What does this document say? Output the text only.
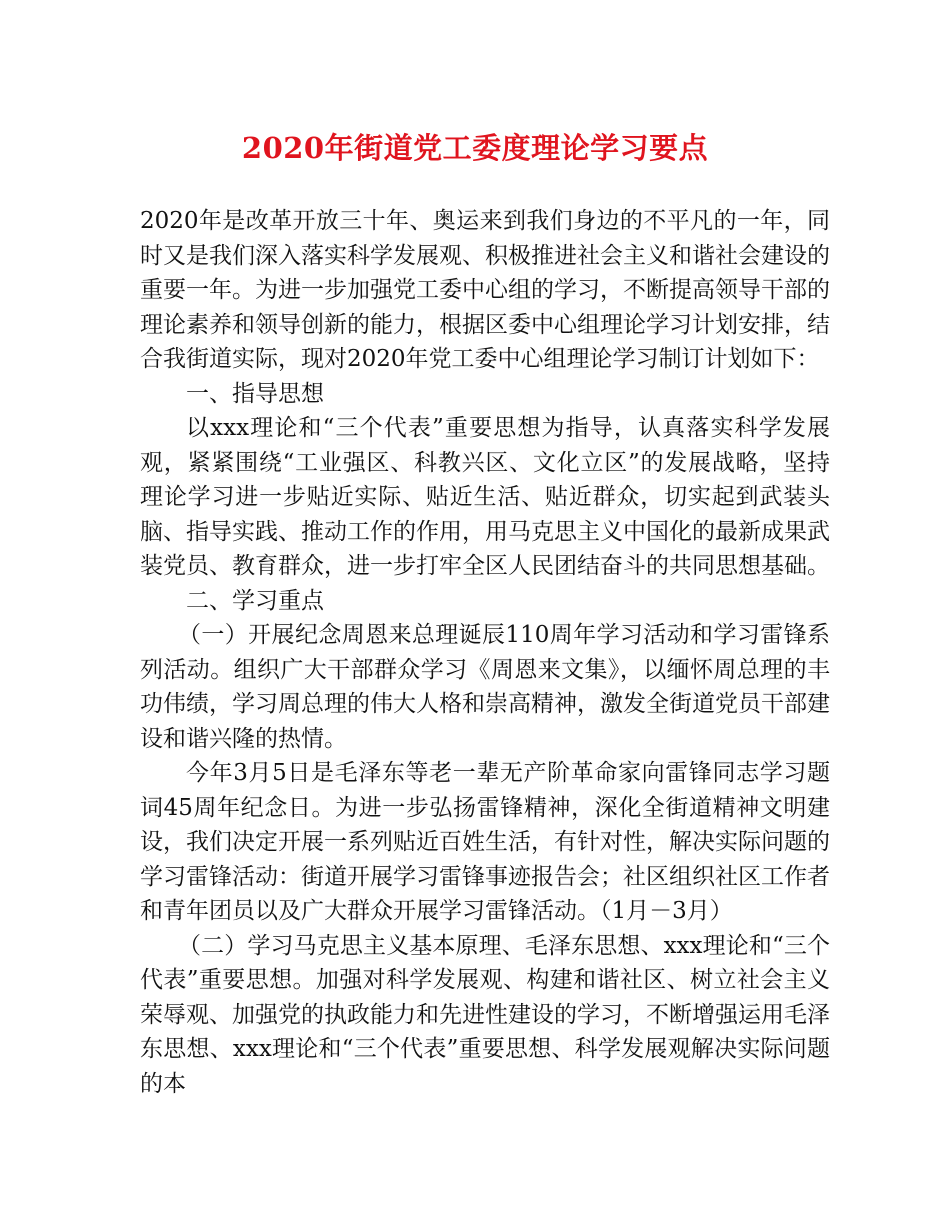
2020年街道党工委度理论学习要点

2020年是改革开放三十年、奥运来到我们身边的不平凡的一年，同时又是我们深入落实科学发展观、积极推进社会主义和谐社会建设的重要一年。为进一步加强党工委中心组的学习，不断提高领导干部的理论素养和领导创新的能力，根据区委中心组理论学习计划安排，结合我街道实际，现对2020年党工委中心组理论学习制订计划如下：

一、指导思想

以xxx理论和“三个代表”重要思想为指导，认真落实科学发展观，紧紧围绕“工业强区、科教兴区、文化立区”的发展战略，坚持理论学习进一步贴近实际、贴近生活、贴近群众，切实起到武装头脑、指导实践、推动工作的作用，用马克思主义中国化的最新成果武装党员、教育群众，进一步打牢全区人民团结奋斗的共同思想基础。

二、学习重点

（一）开展纪念周恩来总理诞辰110周年学习活动和学习雷锋系列活动。组织广大干部群众学习《周恩来文集》，以缅怀周总理的丰功伟绩，学习周总理的伟大人格和崇高精神，激发全街道党员干部建设和谐兴隆的热情。

今年3月5日是毛泽东等老一辈无产阶革命家向雷锋同志学习题词45周年纪念日。为进一步弘扬雷锋精神，深化全街道精神文明建设，我们决定开展一系列贴近百姓生活，有针对性，解决实际问题的学习雷锋活动：街道开展学习雷锋事迹报告会；社区组织社区工作者和青年团员以及广大群众开展学习雷锋活动。（1月－3月）

（二）学习马克思主义基本原理、毛泽东思想、xxx理论和“三个代表”重要思想。加强对科学发展观、构建和谐社区、树立社会主义荣辱观、加强党的执政能力和先进性建设的学习，不断增强运用毛泽东思想、xxx理论和“三个代表”重要思想、科学发展观解决实际问题的本
